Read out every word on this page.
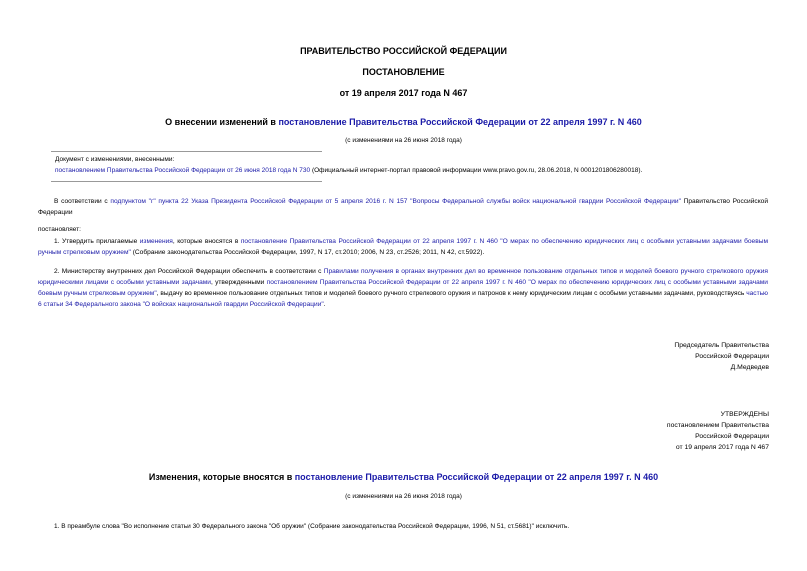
ПРАВИТЕЛЬСТВО РОССИЙСКОЙ ФЕДЕРАЦИИ
ПОСТАНОВЛЕНИЕ
от 19 апреля 2017 года N 467
О внесении изменений в постановление Правительства Российской Федерации от 22 апреля 1997 г. N 460
(с изменениями на 26 июня 2018 года)
Документ с изменениями, внесенными:
постановлением Правительства Российской Федерации от 26 июня 2018 года N 730 (Официальный интернет-портал правовой информации www.pravo.gov.ru, 28.06.2018, N 0001201806280018).
В соответствии с подпунктом "г" пункта 22 Указа Президента Российской Федерации от 5 апреля 2016 г. N 157 "Вопросы Федеральной службы войск национальной гвардии Российской Федерации" Правительство Российской Федерации
постановляет:
1. Утвердить прилагаемые изменения, которые вносятся в постановление Правительства Российской Федерации от 22 апреля 1997 г. N 460 "О мерах по обеспечению юридических лиц с особыми уставными задачами боевым ручным стрелковым оружием" (Собрание законодательства Российской Федерации, 1997, N 17, ст.2010; 2006, N 23, ст.2526; 2011, N 42, ст.5922).
2. Министерству внутренних дел Российской Федерации обеспечить в соответствии с Правилами получения в органах внутренних дел во временное пользование отдельных типов и моделей боевого ручного стрелкового оружия юридическими лицами с особыми уставными задачами, утвержденными постановлением Правительства Российской Федерации от 22 апреля 1997 г. N 460 "О мерах по обеспечению юридических лиц с особыми уставными задачами боевым ручным стрелковым оружием", выдачу во временное пользование отдельных типов и моделей боевого ручного стрелкового оружия и патронов к нему юридическим лицам с особыми уставными задачами, руководствуясь частью 6 статьи 34 Федерального закона "О войсках национальной гвардии Российской Федерации".
Председатель Правительства
Российской Федерации
Д.Медведев
УТВЕРЖДЕНЫ
постановлением Правительства
Российской Федерации
от 19 апреля 2017 года N 467
Изменения, которые вносятся в постановление Правительства Российской Федерации от 22 апреля 1997 г. N 460
(с изменениями на 26 июня 2018 года)
1. В преамбуле слова "Во исполнение статьи 30 Федерального закона "Об оружии" (Собрание законодательства Российской Федерации, 1996, N 51, ст.5681)" исключить.
